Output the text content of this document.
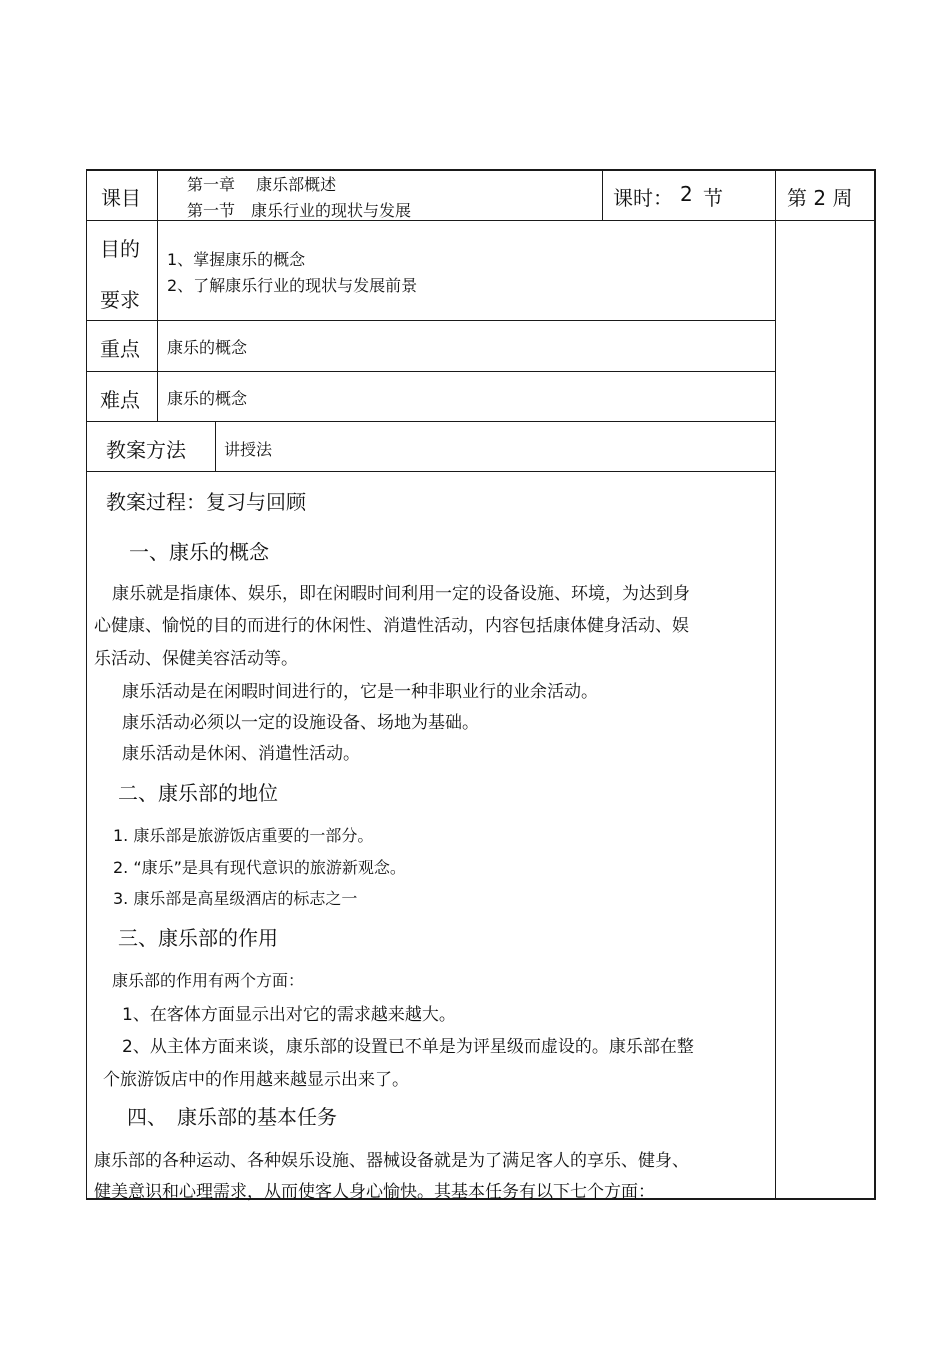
课目
第一章　 康乐部概述
第一节　康乐行业的现状与发展
课时： 2 节	第 2 周
目的
要求
1、掌握康乐的概念
2、了解康乐行业的现状与发展前景
重点 康乐的概念
难点 康乐的概念
教案方法 讲授法
教案过程：复习与回顾
一、康乐的概念
康乐就是指康体、娱乐，即在闲暇时间利用一定的设备设施、环境，为达到身
心健康、愉悦的目的而进行的休闲性、消遣性活动，内容包括康体健身活动、娱
乐活动、保健美容活动等。
康乐活动是在闲暇时间进行的，它是一种非职业行的业余活动。
康乐活动必须以一定的设施设备、场地为基础。
康乐活动是休闲、消遣性活动。
二、康乐部的地位
1. 康乐部是旅游饭店重要的一部分。
2. “康乐”是具有现代意识的旅游新观念。
3. 康乐部是高星级酒店的标志之一
三、康乐部的作用
康乐部的作用有两个方面：
1、在客体方面显示出对它的需求越来越大。
2、从主体方面来谈，康乐部的设置已不单是为评星级而虚设的。康乐部在整
个旅游饭店中的作用越来越显示出来了。
四、　康乐部的基本任务
康乐部的各种运动、各种娱乐设施、器械设备就是为了满足客人的享乐、健身、
健美意识和心理需求，从而使客人身心愉快。其基本任务有以下七个方面：
